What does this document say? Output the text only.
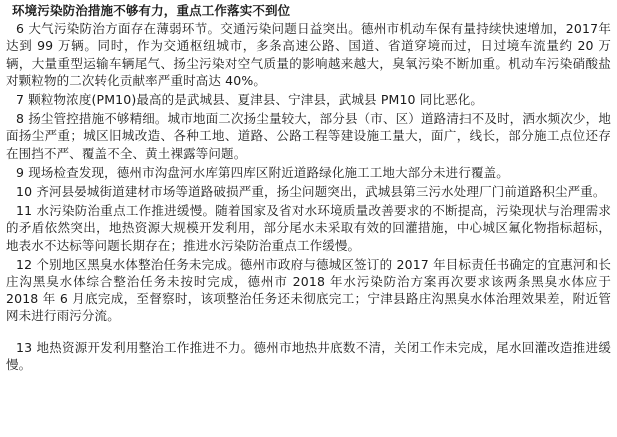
环境污染防治措施不够有力，重点工作落实不到位

6 大气污染防治方面存在薄弱环节。交通污染问题日益突出。德州市机动车保有量持续快速增加，2017年达到 99 万辆。同时，作为交通枢纽城市，多条高速公路、国道、省道穿境而过，日过境车流量约 20 万辆，大量重型运输车辆尾气、扬尘污染对空气质量的影响越来越大，臭氧污染不断加重。机动车污染硝酸盐对颗粒物的二次转化贡献率严重时高达 40%。

7 颗粒物浓度(PM10)最高的是武城县、夏津县、宁津县，武城县 PM10 同比恶化。

8 扬尘管控措施不够精细。城市地面二次扬尘量较大，部分县（市、区）道路清扫不及时，洒水频次少，地面扬尘严重；城区旧城改造、各种工地、道路、公路工程等建设施工量大，面广，线长，部分施工点位还存在围挡不严、覆盖不全、黄土裸露等问题。

9 现场检查发现，德州市沟盘河水库第四库区附近道路绿化施工工地大部分未进行覆盖。

10 齐河县晏城街道建材市场等道路破损严重，扬尘问题突出，武城县第三污水处理厂门前道路积尘严重。

11 水污染防治重点工作推进缓慢。随着国家及省对水环境质量改善要求的不断提高，污染现状与治理需求的矛盾依然突出，地热资源大规模开发利用，部分尾水未采取有效的回灌措施，中心城区氟化物指标超标，地表水不达标等问题长期存在；推进水污染防治重点工作缓慢。

12 个别地区黑臭水体整治任务未完成。德州市政府与德城区签订的 2017 年目标责任书确定的宜惠河和长庄沟黑臭水体综合整治任务未按时完成，德州市 2018 年水污染防治方案再次要求该两条黑臭水体应于 2018 年 6 月底完成，至督察时，该项整治任务还未彻底完工；宁津县路庄沟黑臭水体治理效果差，附近管网未进行雨污分流。

13 地热资源开发利用整治工作推进不力。德州市地热井底数不清，关闭工作未完成，尾水回灌改造推进缓慢。
